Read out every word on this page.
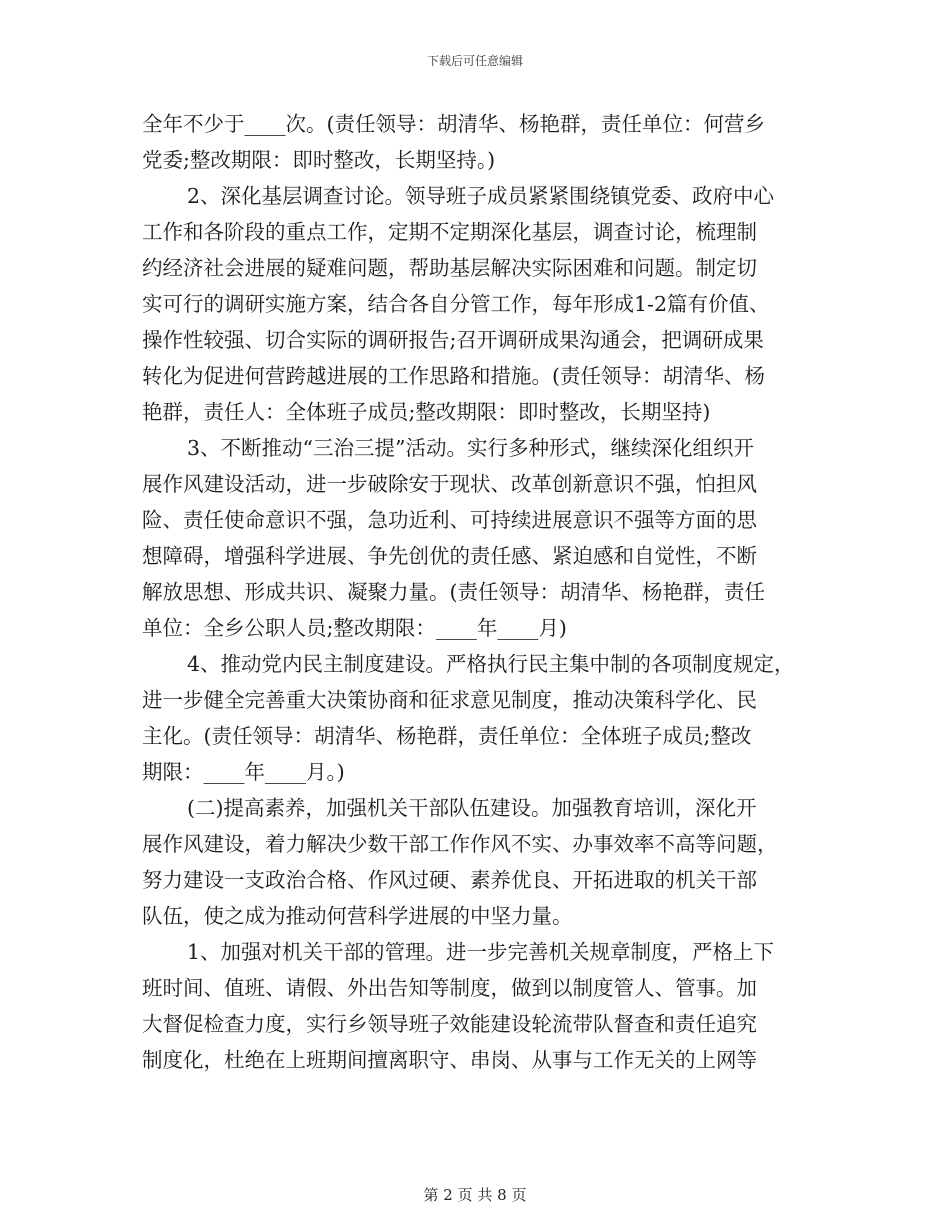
下载后可任意编辑
全年不少于____次。(责任领导：胡清华、杨艳群，责任单位：何营乡
党委;整改期限：即时整改，长期坚持。)
2、深化基层调查讨论。领导班子成员紧紧围绕镇党委、政府中心
工作和各阶段的重点工作，定期不定期深化基层，调查讨论，梳理制
约经济社会进展的疑难问题，帮助基层解决实际困难和问题。制定切
实可行的调研实施方案，结合各自分管工作，每年形成1-2篇有价值、
操作性较强、切合实际的调研报告;召开调研成果沟通会，把调研成果
转化为促进何营跨越进展的工作思路和措施。(责任领导：胡清华、杨
艳群，责任人：全体班子成员;整改期限：即时整改，长期坚持)
3、不断推动“三治三提”活动。实行多种形式，继续深化组织开
展作风建设活动，进一步破除安于现状、改革创新意识不强，怕担风
险、责任使命意识不强，急功近利、可持续进展意识不强等方面的思
想障碍，增强科学进展、争先创优的责任感、紧迫感和自觉性，不断
解放思想、形成共识、凝聚力量。(责任领导：胡清华、杨艳群，责任
单位：全乡公职人员;整改期限：____年____月)
4、推动党内民主制度建设。严格执行民主集中制的各项制度规定，
进一步健全完善重大决策协商和征求意见制度，推动决策科学化、民
主化。(责任领导：胡清华、杨艳群，责任单位：全体班子成员;整改
期限：____年____月。)
(二)提高素养，加强机关干部队伍建设。加强教育培训，深化开
展作风建设，着力解决少数干部工作作风不实、办事效率不高等问题，
努力建设一支政治合格、作风过硬、素养优良、开拓进取的机关干部
队伍，使之成为推动何营科学进展的中坚力量。
1、加强对机关干部的管理。进一步完善机关规章制度，严格上下
班时间、值班、请假、外出告知等制度，做到以制度管人、管事。加
大督促检查力度，实行乡领导班子效能建设轮流带队督查和责任追究
制度化，杜绝在上班期间擅离职守、串岗、从事与工作无关的上网等
第 2 页 共 8 页
